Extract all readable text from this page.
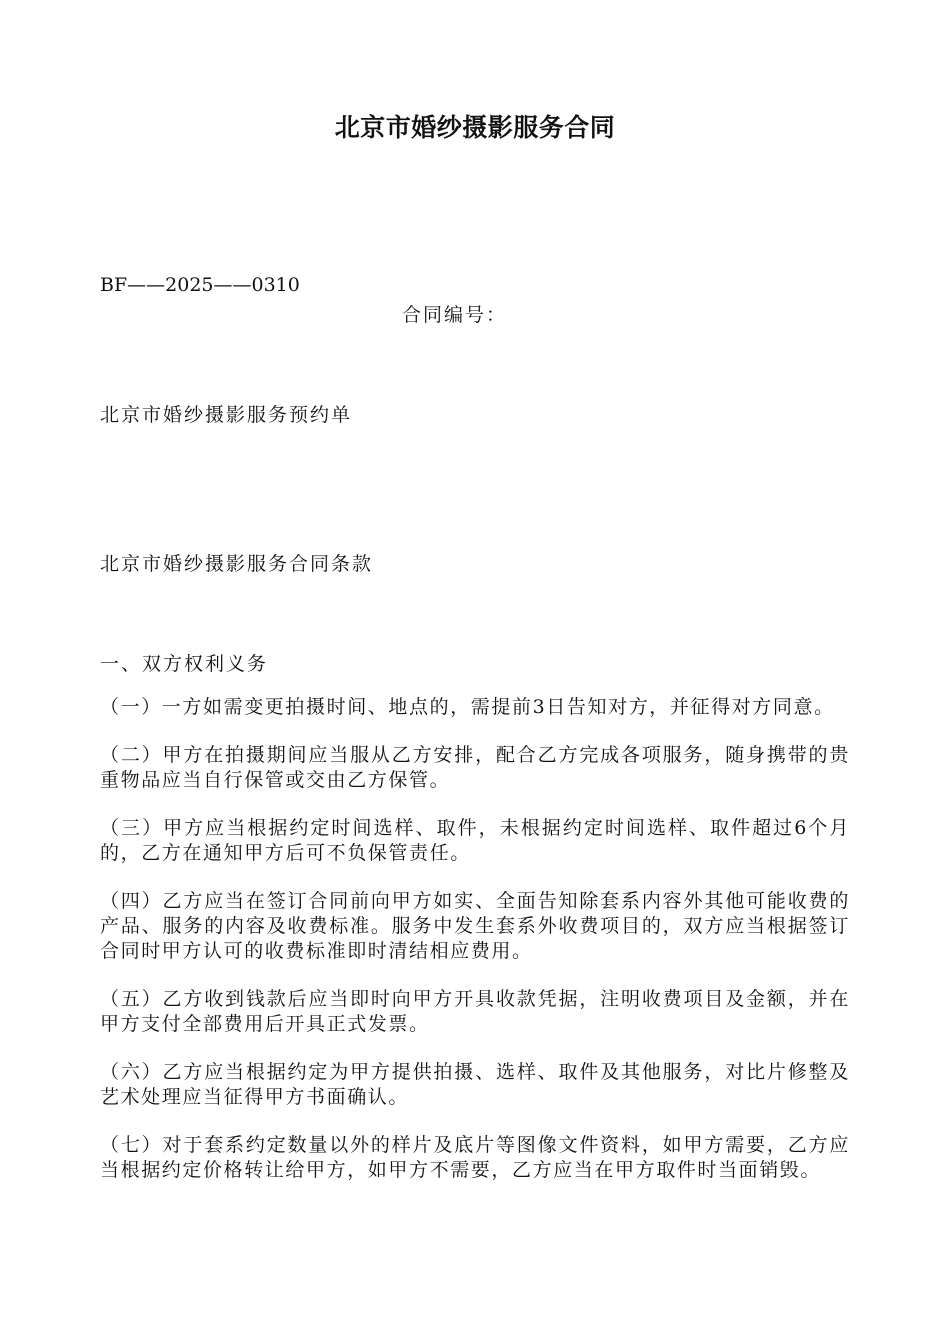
北京市婚纱摄影服务合同
BF——2025——0310
合同编号：
北京市婚纱摄影服务预约单
北京市婚纱摄影服务合同条款
一、双方权利义务

（一）一方如需变更拍摄时间、地点的，需提前3日告知对方，并征得对方同意。

（二）甲方在拍摄期间应当服从乙方安排，配合乙方完成各项服务，随身携带的贵重物品应当自行保管或交由乙方保管。

（三）甲方应当根据约定时间选样、取件，未根据约定时间选样、取件超过6个月的，乙方在通知甲方后可不负保管责任。

（四）乙方应当在签订合同前向甲方如实、全面告知除套系内容外其他可能收费的产品、服务的内容及收费标准。服务中发生套系外收费项目的，双方应当根据签订合同时甲方认可的收费标准即时清结相应费用。

（五）乙方收到钱款后应当即时向甲方开具收款凭据，注明收费项目及金额，并在甲方支付全部费用后开具正式发票。

（六）乙方应当根据约定为甲方提供拍摄、选样、取件及其他服务，对比片修整及艺术处理应当征得甲方书面确认。

（七）对于套系约定数量以外的样片及底片等图像文件资料，如甲方需要，乙方应当根据约定价格转让给甲方，如甲方不需要，乙方应当在甲方取件时当面销毁。
